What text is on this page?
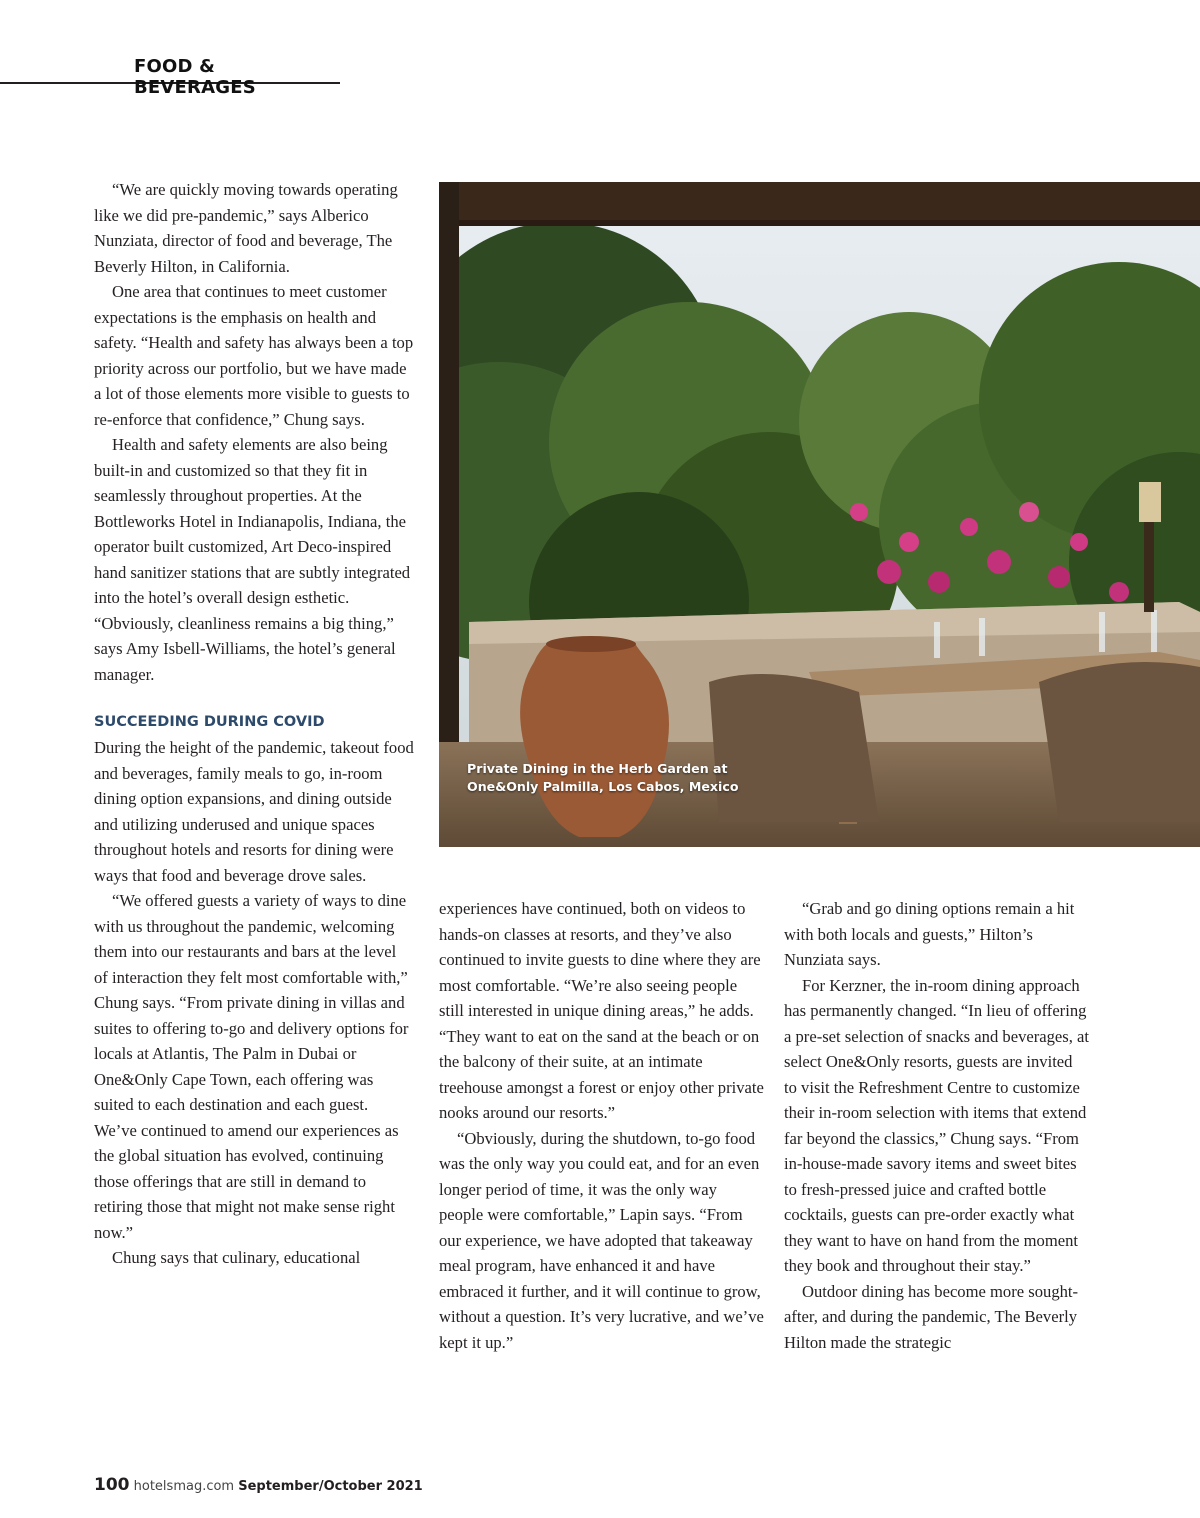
FOOD & BEVERAGES

“We are quickly moving towards operating like we did pre-pandemic,” says Alberico Nunziata, director of food and beverage, The Beverly Hilton, in California.

One area that continues to meet customer expectations is the emphasis on health and safety. “Health and safety has always been a top priority across our portfolio, but we have made a lot of those elements more visible to guests to re-enforce that confidence,” Chung says.

Health and safety elements are also being built-in and customized so that they fit in seamlessly throughout properties. At the Bottleworks Hotel in Indianapolis, Indiana, the operator built customized, Art Deco-inspired hand sanitizer stations that are subtly integrated into the hotel’s overall design esthetic. “Obviously, cleanliness remains a big thing,” says Amy Isbell-Williams, the hotel’s general manager.

SUCCEEDING DURING COVID

During the height of the pandemic, takeout food and beverages, family meals to go, in-room dining option expansions, and dining outside and utilizing underused and unique spaces throughout hotels and resorts for dining were ways that food and beverage drove sales.

“We offered guests a variety of ways to dine with us throughout the pandemic, welcoming them into our restaurants and bars at the level of interaction they felt most comfortable with,” Chung says. “From private dining in villas and suites to offering to-go and delivery options for locals at Atlantis, The Palm in Dubai or One&Only Cape Town, each offering was suited to each destination and each guest. We’ve continued to amend our experiences as the global situation has evolved, continuing those offerings that are still in demand to retiring those that might not make sense right now.”

Chung says that culinary, educational

Private Dining in the Herb Garden at
One&Only Palmilla, Los Cabos, Mexico

experiences have continued, both on videos to hands-on classes at resorts, and they’ve also continued to invite guests to dine where they are most comfortable. “We’re also seeing people still interested in unique dining areas,” he adds. “They want to eat on the sand at the beach or on the balcony of their suite, at an intimate treehouse amongst a forest or enjoy other private nooks around our resorts.”

“Obviously, during the shutdown, to-go food was the only way you could eat, and for an even longer period of time, it was the only way people were comfortable,” Lapin says. “From our experience, we have adopted that takeaway meal program, have enhanced it and have embraced it further, and it will continue to grow, without a question. It’s very lucrative, and we’ve kept it up.”

“Grab and go dining options remain a hit with both locals and guests,” Hilton’s Nunziata says.

For Kerzner, the in-room dining approach has permanently changed. “In lieu of offering a pre-set selection of snacks and beverages, at select One&Only resorts, guests are invited to visit the Refreshment Centre to customize their in-room selection with items that extend far beyond the classics,” Chung says. “From in-house-made savory items and sweet bites to fresh-pressed juice and crafted bottle cocktails, guests can pre-order exactly what they want to have on hand from the moment they book and throughout their stay.”

Outdoor dining has become more sought-after, and during the pandemic, The Beverly Hilton made the strategic

100 hotelsmag.com September/October 2021
